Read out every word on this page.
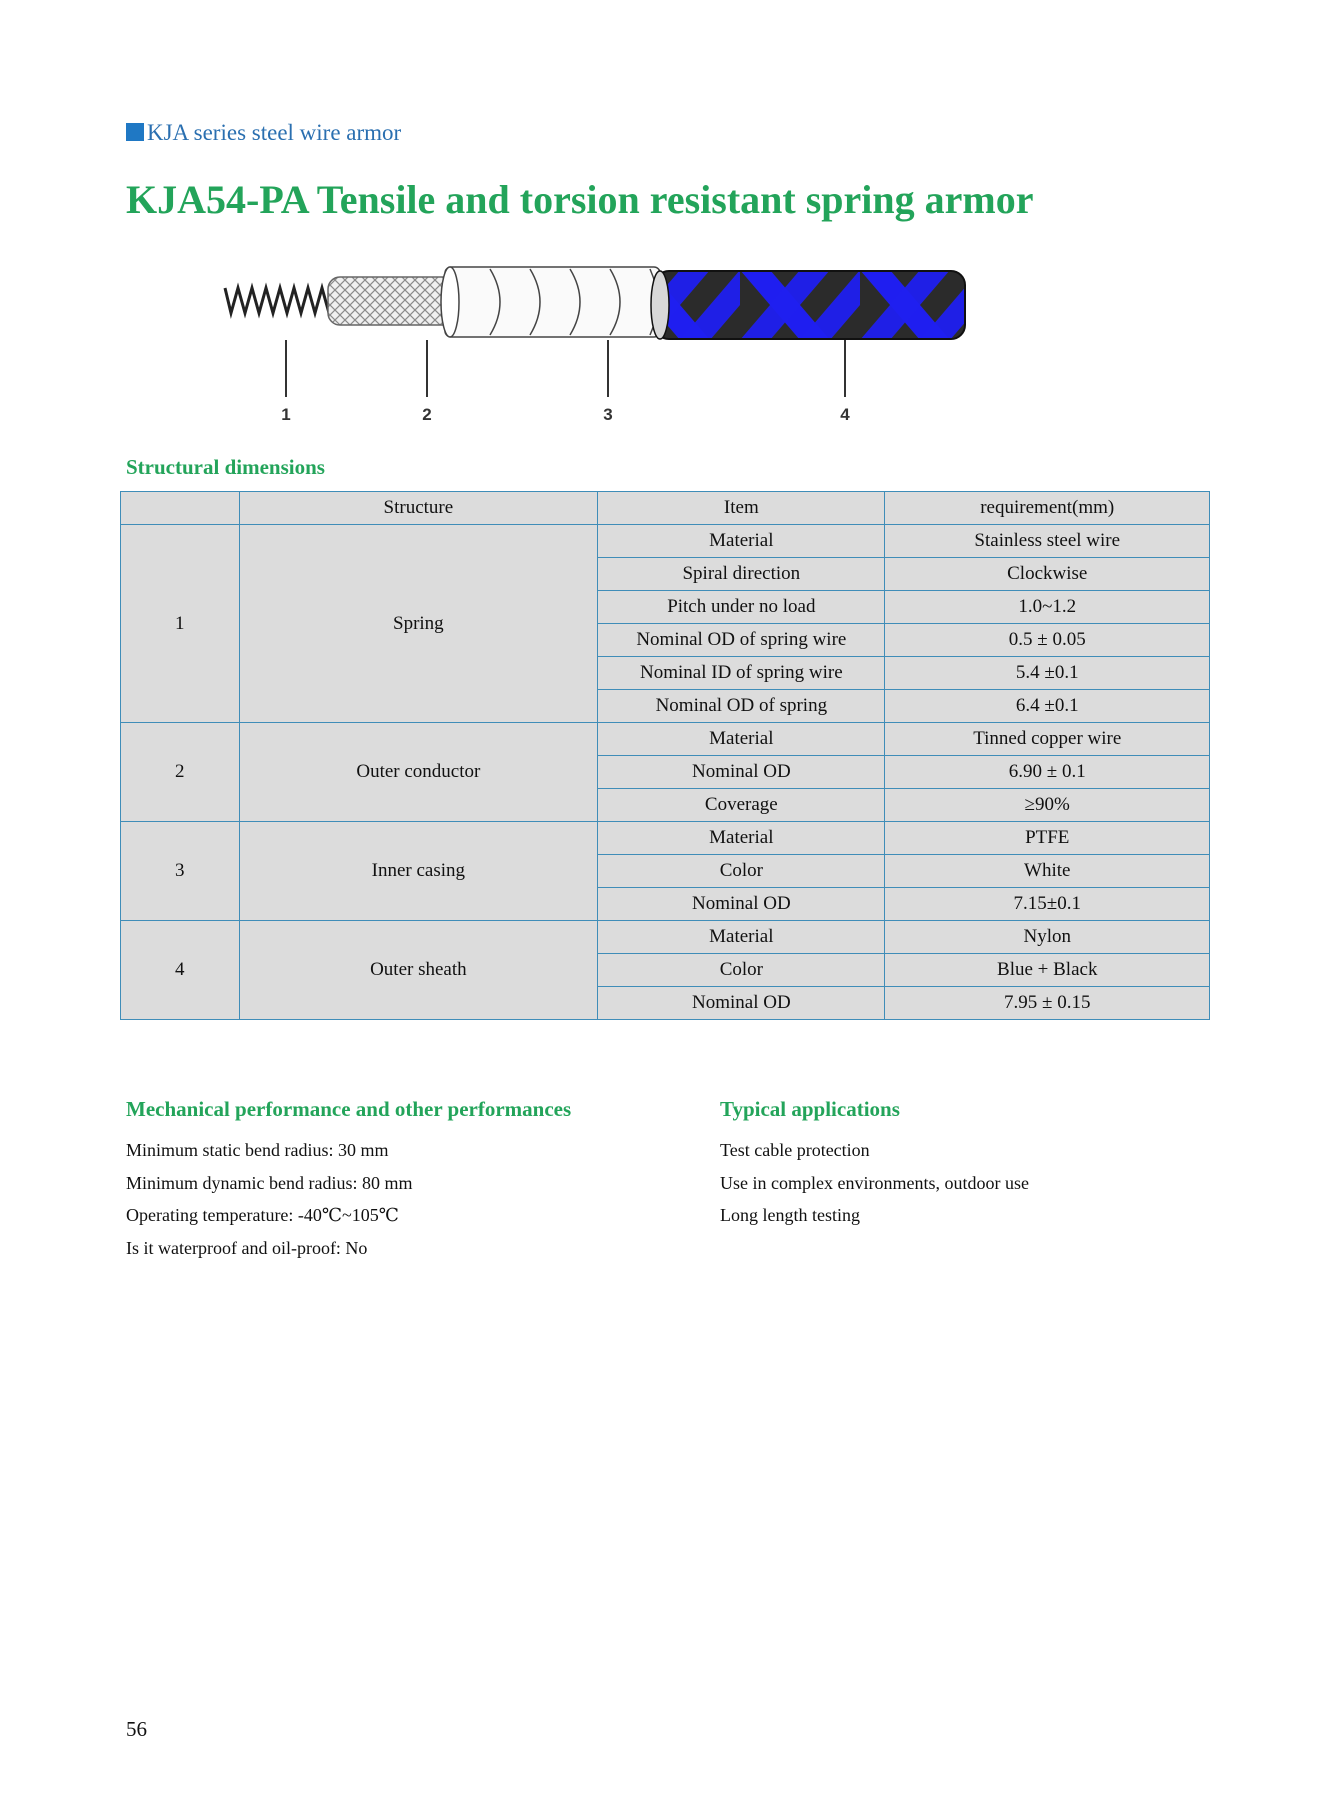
KJA series steel wire armor
KJA54-PA Tensile and torsion resistant spring armor
1	2	3	4
Structural dimensions
	Structure	Item	requirement(mm)
1	Spring	Material	Stainless steel wire
		Spiral direction	Clockwise
		Pitch under no load	1.0~1.2
		Nominal OD of spring wire	0.5 ± 0.05
		Nominal ID of spring wire	5.4 ±0.1
		Nominal OD of spring	6.4 ±0.1
2	Outer conductor	Material	Tinned copper wire
		Nominal OD	6.90 ± 0.1
		Coverage	≥90%
3	Inner casing	Material	PTFE
		Color	White
		Nominal OD	7.15±0.1
4	Outer sheath	Material	Nylon
		Color	Blue + Black
		Nominal OD	7.95 ± 0.15
Mechanical performance and other performances
Minimum static bend radius: 30 mm
Minimum dynamic bend radius: 80 mm
Operating temperature: -40℃~105℃
Is it waterproof and oil-proof: No
Typical applications
Test cable protection
Use in complex environments, outdoor use
Long length testing
56
